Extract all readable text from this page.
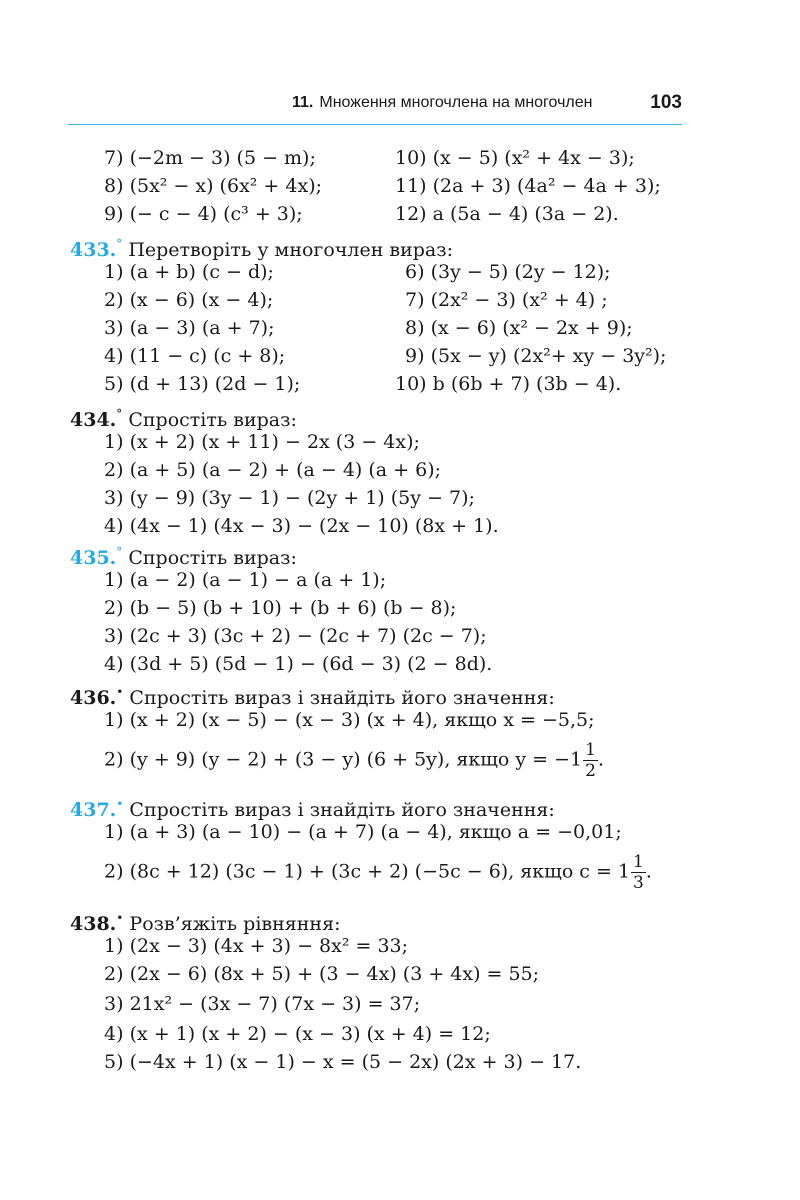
11. Множення многочлена на многочлен	103
7) (−2m − 3) (5 − m);
8) (5x² − x) (6x² + 4x);
9) (− c − 4) (c³ + 3);
10) (x − 5) (x² + 4x − 3);
11) (2a + 3) (4a² − 4a + 3);
12) a (5a − 4) (3a − 2).
433.° Перетворіть у многочлен вираз:
1) (a + b) (c − d);
2) (x − 6) (x − 4);
3) (a − 3) (a + 7);
4) (11 − c) (c + 8);
5) (d + 13) (2d − 1);
6) (3y − 5) (2y − 12);
7) (2x² − 3) (x² + 4) ;
8) (x − 6) (x² − 2x + 9);
9) (5x − y) (2x²+ xy − 3y²);
10) b (6b + 7) (3b − 4).
434.° Спростіть вираз:
1) (x + 2) (x + 11) − 2x (3 − 4x);
2) (a + 5) (a − 2) + (a − 4) (a + 6);
3) (y − 9) (3y − 1) − (2y + 1) (5y − 7);
4) (4x − 1) (4x − 3) − (2x − 10) (8x + 1).
435.° Спростіть вираз:
1) (a − 2) (a − 1) − a (a + 1);
2) (b − 5) (b + 10) + (b + 6) (b − 8);
3) (2c + 3) (3c + 2) − (2c + 7) (2c − 7);
4) (3d + 5) (5d − 1) − (6d − 3) (2 − 8d).
436.• Спростіть вираз і знайдіть його значення:
1) (x + 2) (x − 5) − (x − 3) (x + 4), якщо x = −5,5;
2) (y + 9) (y − 2) + (3 − y) (6 + 5y), якщо $y = -1 \frac{1}{2}$ .
437.• Спростіть вираз і знайдіть його значення:
1) (a + 3) (a − 10) − (a + 7) (a − 4), якщо a = −0,01;
2) (8c + 12) (3c − 1) + (3c + 2) (−5c − 6), якщо $c = 1 \frac{1}{3}$ .
438.• Розв’яжіть рівняння:
1) (2x − 3) (4x + 3) − 8x² = 33;
2) (2x − 6) (8x + 5) + (3 − 4x) (3 + 4x) = 55;
3) 21x² − (3x − 7) (7x − 3) = 37;
4) (x + 1) (x + 2) − (x − 3) (x + 4) = 12;
5) (−4x + 1) (x − 1) − x = (5 − 2x) (2x + 3) − 17.
